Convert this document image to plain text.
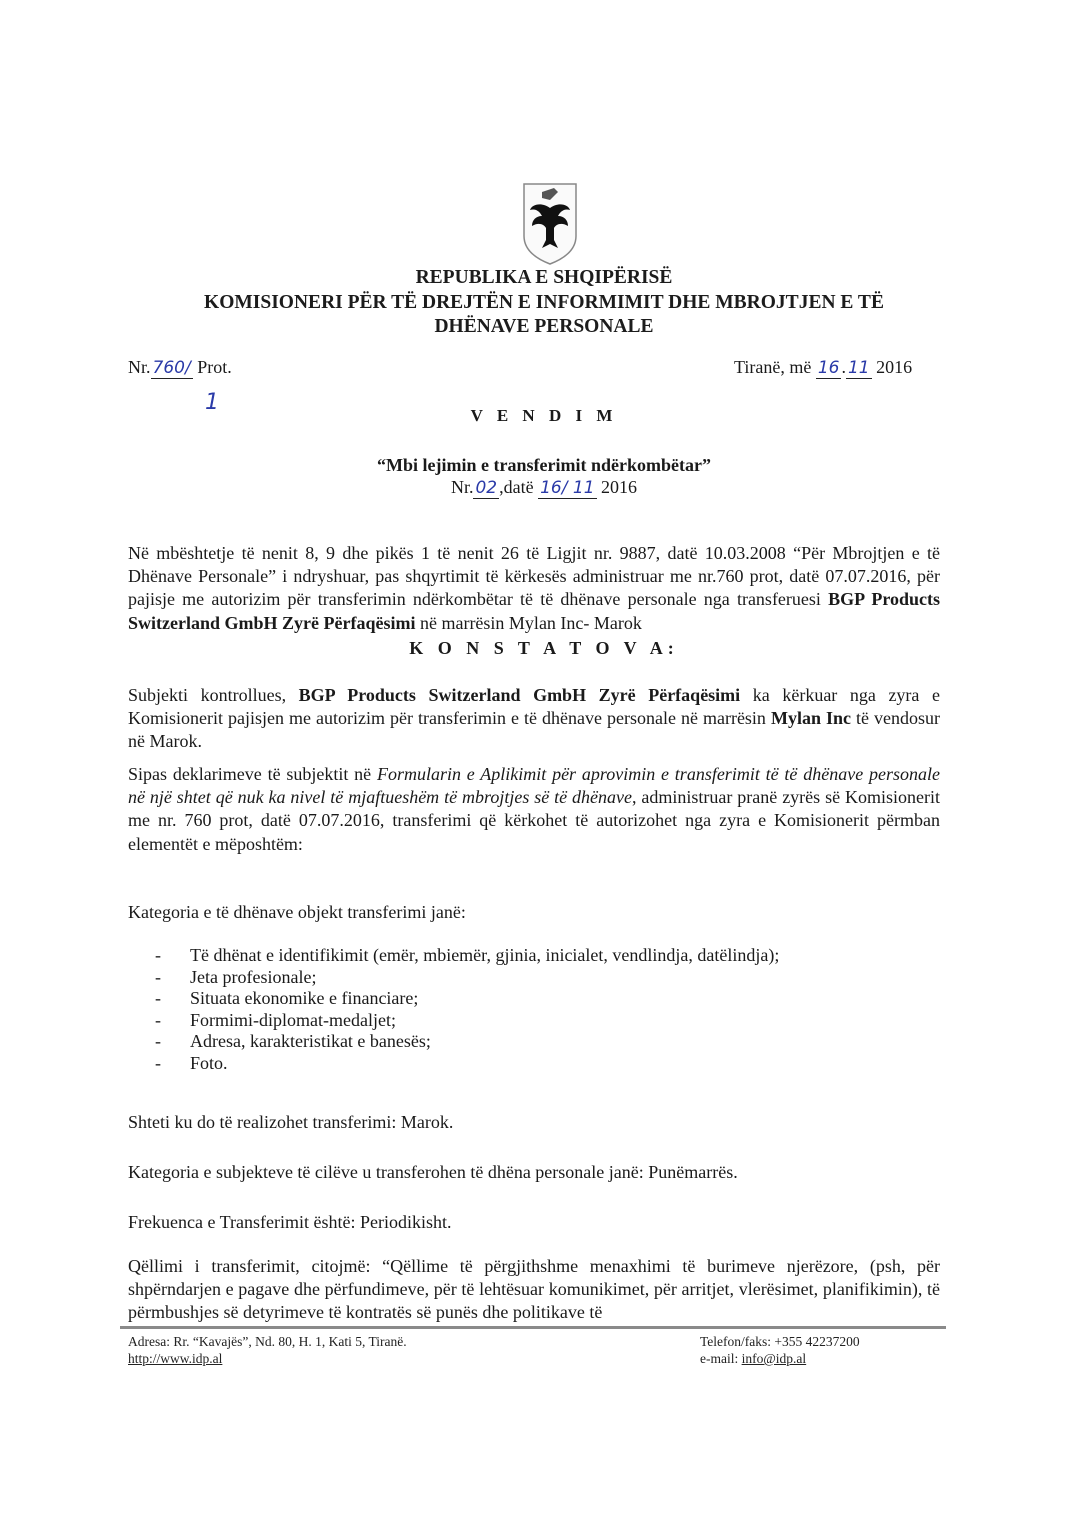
REPUBLIKA E SHQIPËRISË
KOMISIONERI PËR TË DREJTËN E INFORMIMIT DHE MBROJTJEN E TË
DHËNAVE PERSONALE
Nr. 760/ Prot.
1
Tiranë, më 16 . 11 2016
V E N D I M
“Mbi lejimin e transferimit ndërkombëtar”
Nr. 02 ,datë 16/ 11 2016
Në mbështetje të nenit 8, 9 dhe pikës 1 të nenit 26 të Ligjit nr. 9887, datë 10.03.2008 “Për Mbrojtjen e të Dhënave Personale” i ndryshuar, pas shqyrtimit të kërkesës administruar me nr.760 prot, datë 07.07.2016, për pajisje me autorizim për transferimin ndërkombëtar të të dhënave personale nga transferuesi BGP Products Switzerland GmbH Zyrë Përfaqësimi në marrësin Mylan Inc- Marok
K O N S T A T O V A:
Subjekti kontrollues, BGP Products Switzerland GmbH Zyrë Përfaqësimi ka kërkuar nga zyra e Komisionerit pajisjen me autorizim për transferimin e të dhënave personale në marrësin Mylan Inc të vendosur në Marok.
Sipas deklarimeve të subjektit në Formularin e Aplikimit për aprovimin e transferimit të të dhënave personale në një shtet që nuk ka nivel të mjaftueshëm të mbrojtjes së të dhënave, administruar pranë zyrës së Komisionerit me nr. 760 prot, datë 07.07.2016, transferimi që kërkohet të autorizohet nga zyra e Komisionerit përmban elementët e mëposhtëm:
Kategoria e të dhënave objekt transferimi janë:
- Të dhënat e identifikimit (emër, mbiemër, gjinia, inicialet, vendlindja, datëlindja);
- Jeta profesionale;
- Situata ekonomike e financiare;
- Formimi-diplomat-medaljet;
- Adresa, karakteristikat e banesës;
- Foto.
Shteti ku do të realizohet transferimi: Marok.
Kategoria e subjekteve të cilëve u transferohen të dhëna personale janë: Punëmarrës.
Frekuenca e Transferimit është: Periodikisht.
Qëllimi i transferimit, citojmë: “Qëllime të përgjithshme menaxhimi të burimeve njerëzore, (psh, për shpërndarjen e pagave dhe përfundimeve, për të lehtësuar komunikimet, për arritjet, vlerësimet, planifikimin), të përmbushjes së detyrimeve të kontratës së punës dhe politikave të
Adresa: Rr. “Kavajës”, Nd. 80, H. 1, Kati 5, Tiranë.
http://www.idp.al
Telefon/faks: +355 42237200
e-mail: info@idp.al
